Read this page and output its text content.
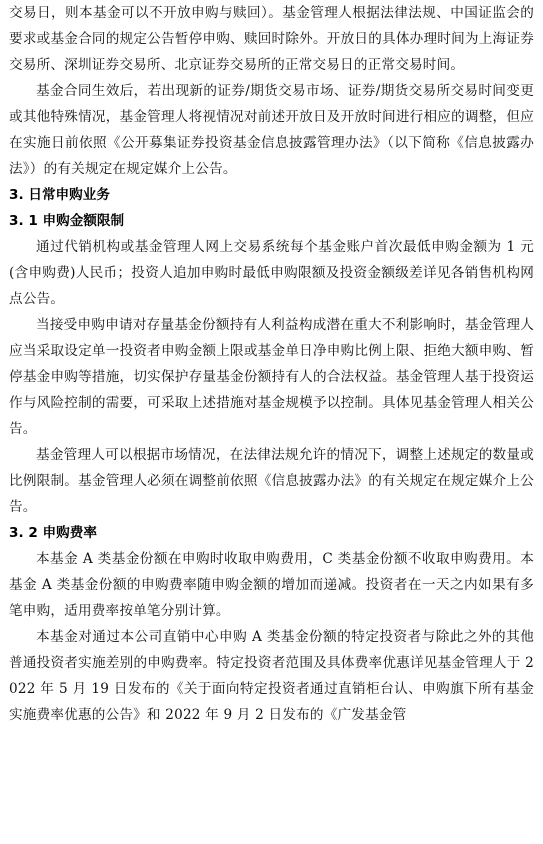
交易日，则本基金可以不开放申购与赎回）。基金管理人根据法律法规、中国证监会的要求或基金合同的规定公告暂停申购、赎回时除外。开放日的具体办理时间为上海证券交易所、深圳证券交易所、北京证券交易所的正常交易日的正常交易时间。

基金合同生效后，若出现新的证券/期货交易市场、证券/期货交易所交易时间变更或其他特殊情况，基金管理人将视情况对前述开放日及开放时间进行相应的调整，但应在实施日前依照《公开募集证券投资基金信息披露管理办法》（以下简称《信息披露办法》）的有关规定在规定媒介上公告。

3. 日常申购业务
3. 1 申购金额限制

通过代销机构或基金管理人网上交易系统每个基金账户首次最低申购金额为 1 元(含申购费)人民币；投资人追加申购时最低申购限额及投资金额级差详见各销售机构网点公告。

当接受申购申请对存量基金份额持有人利益构成潜在重大不利影响时，基金管理人应当采取设定单一投资者申购金额上限或基金单日净申购比例上限、拒绝大额申购、暂停基金申购等措施，切实保护存量基金份额持有人的合法权益。基金管理人基于投资运作与风险控制的需要，可采取上述措施对基金规模予以控制。具体见基金管理人相关公告。

基金管理人可以根据市场情况，在法律法规允许的情况下，调整上述规定的数量或比例限制。基金管理人必须在调整前依照《信息披露办法》的有关规定在规定媒介上公告。

3. 2 申购费率

本基金 A 类基金份额在申购时收取申购费用，C 类基金份额不收取申购费用。本基金 A 类基金份额的申购费率随申购金额的增加而递减。投资者在一天之内如果有多笔申购，适用费率按单笔分别计算。

本基金对通过本公司直销中心申购 A 类基金份额的特定投资者与除此之外的其他普通投资者实施差别的申购费率。特定投资者范围及具体费率优惠详见基金管理人于 2022 年 5 月 19 日发布的《关于面向特定投资者通过直销柜台认、申购旗下所有基金实施费率优惠的公告》和 2022 年 9 月 2 日发布的《广发基金管
